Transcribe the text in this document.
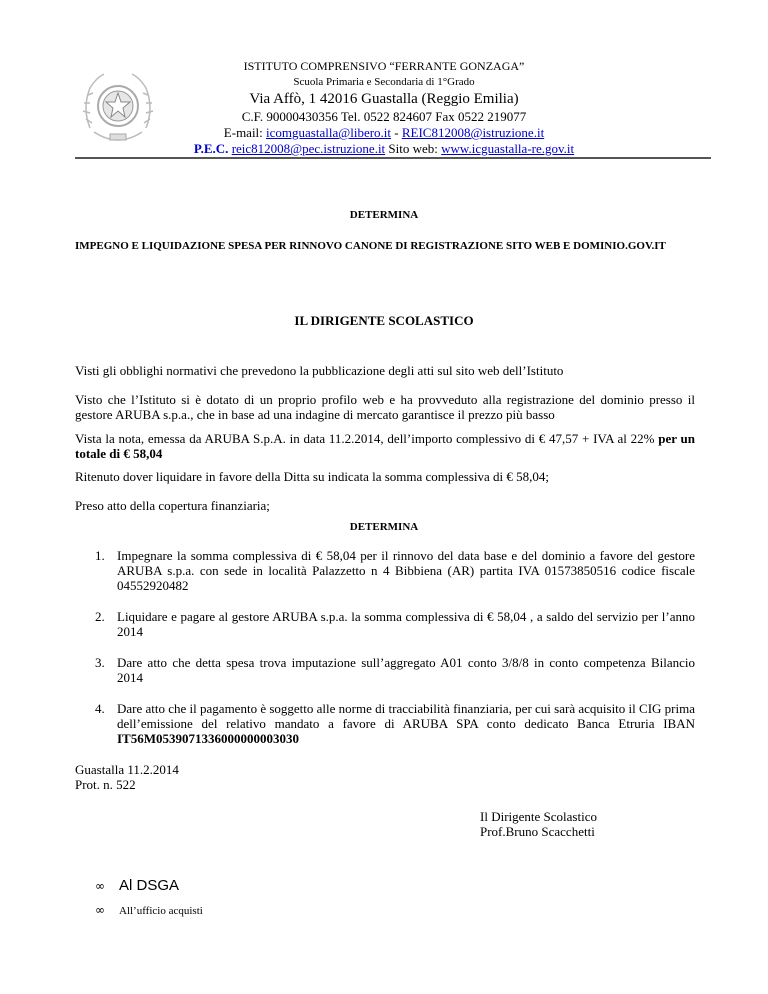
ISTITUTO COMPRENSIVO “FERRANTE GONZAGA”
Scuola Primaria e Secondaria di 1°Grado
Via Affò, 1 42016 Guastalla (Reggio Emilia)
C.F. 90000430356 Tel. 0522 824607 Fax 0522 219077
E-mail: icomguastalla@libero.it - REIC812008@istruzione.it
P.E.C. reic812008@pec.istruzione.it Sito web: www.icguastalla-re.gov.it
DETERMINA
IMPEGNO E LIQUIDAZIONE SPESA PER RINNOVO CANONE DI REGISTRAZIONE SITO WEB E DOMINIO.GOV.IT
IL DIRIGENTE SCOLASTICO
Visti gli obblighi normativi che prevedono la pubblicazione degli atti sul sito web dell’Istituto
Visto che l’Istituto si è dotato di un proprio profilo web e ha provveduto alla registrazione del dominio presso il gestore ARUBA s.p.a., che in base ad una indagine di mercato garantisce il prezzo più basso
Vista la nota, emessa da ARUBA S.p.A. in data 11.2.2014, dell’importo complessivo di € 47,57 + IVA al 22% per un totale di € 58,04
Ritenuto dover liquidare in favore della Ditta su indicata la somma complessiva di € 58,04;
Preso atto della copertura finanziaria;
DETERMINA
1. Impegnare la somma complessiva di € 58,04 per il rinnovo del data base e del dominio a favore del gestore ARUBA s.p.a. con sede in località Palazzetto n 4 Bibbiena (AR) partita IVA 01573850516 codice fiscale 04552920482
2. Liquidare e pagare al gestore ARUBA s.p.a. la somma complessiva di € 58,04 , a saldo del servizio per l’anno 2014
3. Dare atto che detta spesa trova imputazione sull’aggregato A01 conto 3/8/8 in conto competenza Bilancio 2014
4. Dare atto che il pagamento è soggetto alle norme di tracciabilità finanziaria, per cui sarà acquisito il CIG prima dell’emissione del relativo mandato a favore di ARUBA SPA conto dedicato Banca Etruria IBAN IT56M0539071336000000003030
Guastalla 11.2.2014
Prot. n. 522
Il Dirigente Scolastico
Prof.Bruno Scacchetti
∞ Al DSGA
∞ All’ufficio acquisti
